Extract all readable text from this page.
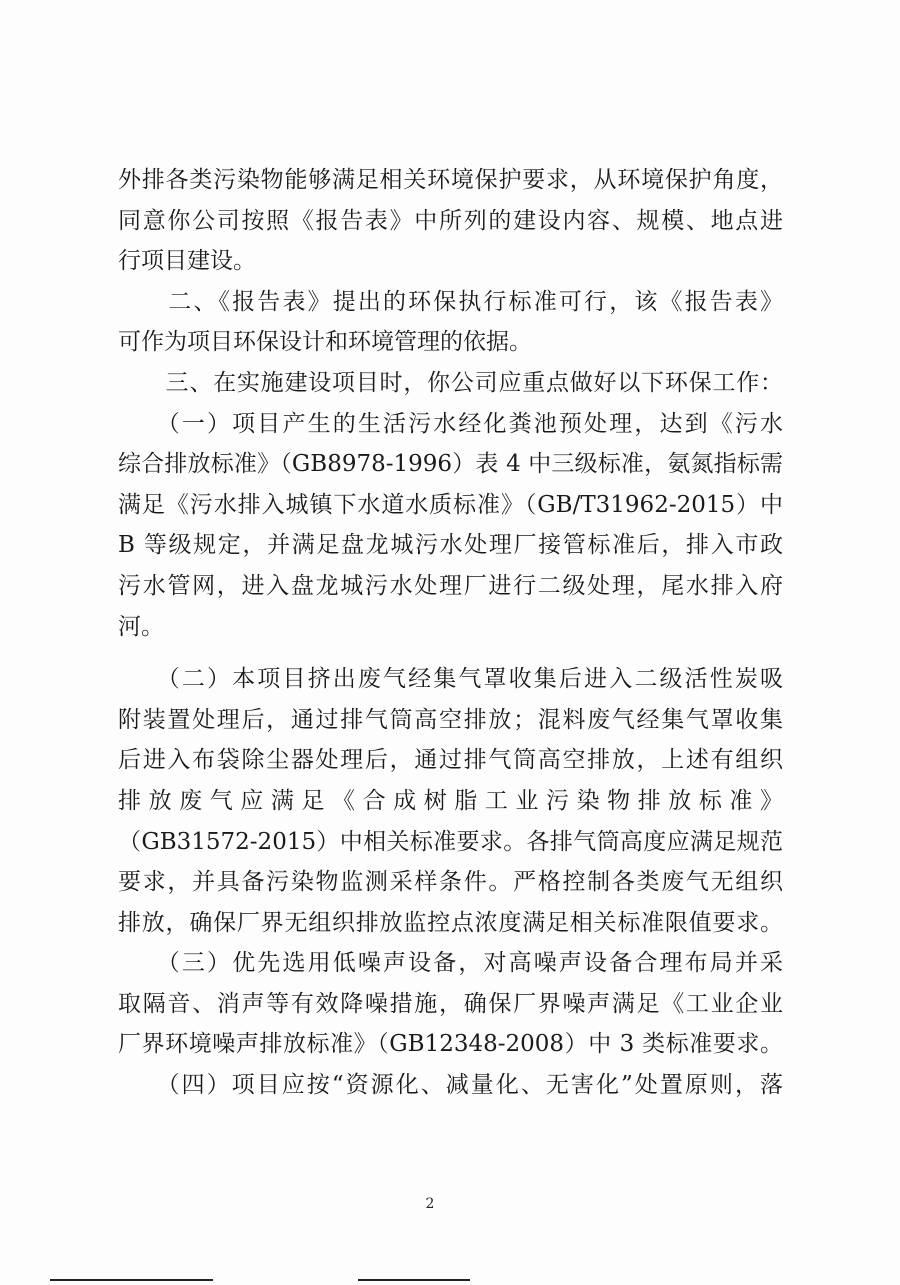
外排各类污染物能够满足相关环境保护要求，从环境保护角度，
同意你公司按照《报告表》中所列的建设内容、规模、地点进
行项目建设。
　　二、《报告表》提出的环保执行标准可行，该《报告表》
可作为项目环保设计和环境管理的依据。
　　三、在实施建设项目时，你公司应重点做好以下环保工作：
　　（一）项目产生的生活污水经化粪池预处理，达到《污水
综合排放标准》（GB8978-1996）表 4 中三级标准，氨氮指标需
满足《污水排入城镇下水道水质标准》（GB/T31962-2015）中
B 等级规定，并满足盘龙城污水处理厂接管标准后，排入市政
污水管网，进入盘龙城污水处理厂进行二级处理，尾水排入府
河。
　　（二）本项目挤出废气经集气罩收集后进入二级活性炭吸
附装置处理后，通过排气筒高空排放；混料废气经集气罩收集
后进入布袋除尘器处理后，通过排气筒高空排放，上述有组织
排放废气应满足《合成树脂工业污染物排放标准》
（GB31572-2015）中相关标准要求。各排气筒高度应满足规范
要求，并具备污染物监测采样条件。严格控制各类废气无组织
排放，确保厂界无组织排放监控点浓度满足相关标准限值要求。
　　（三）优先选用低噪声设备，对高噪声设备合理布局并采
取隔音、消声等有效降噪措施，确保厂界噪声满足《工业企业
厂界环境噪声排放标准》（GB12348-2008）中 3 类标准要求。
　　（四）项目应按“资源化、减量化、无害化”处置原则，落
2
